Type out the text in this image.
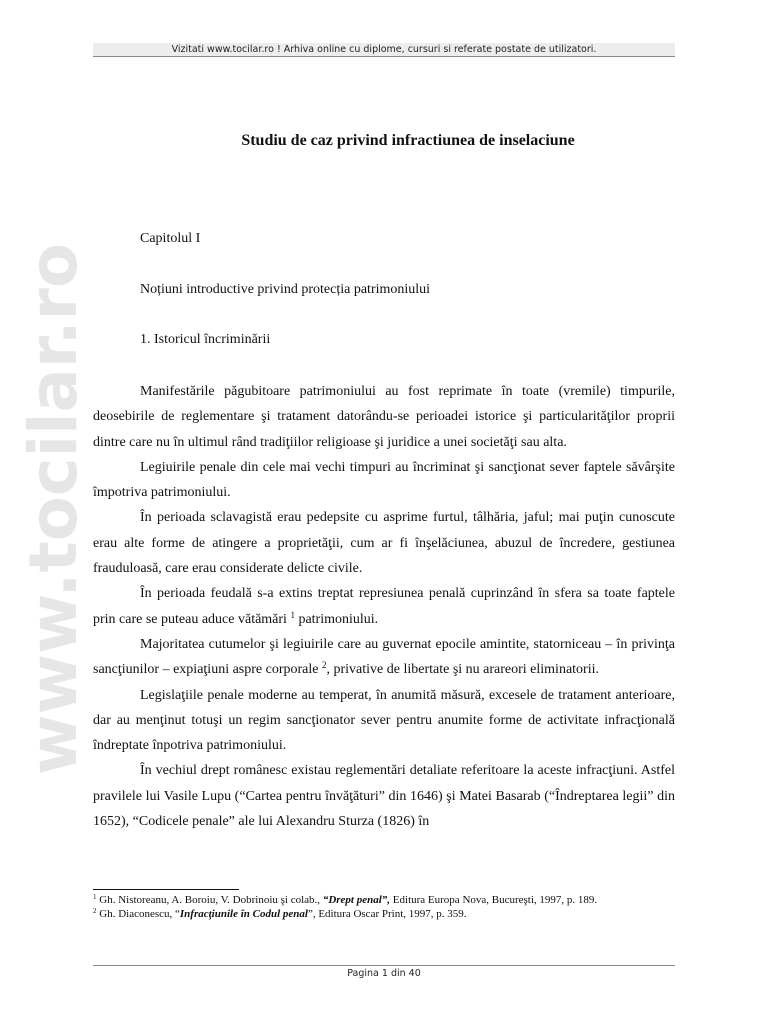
Vizitati www.tocilar.ro ! Arhiva online cu diplome, cursuri si referate postate de utilizatori.
www.tocilar.ro
Studiu de caz privind infractiunea de inselaciune

Capitolul I

Noțiuni introductive privind protecția patrimoniului

1. Istoricul încriminării

Manifestările păgubitoare patrimoniului au fost reprimate în toate (vremile) timpurile, deosebirile de reglementare şi tratament datorându-se perioadei istorice şi particularităţilor proprii dintre care nu în ultimul rând tradiţiilor religioase şi juridice a unei societăţi sau alta.

Legiuirile penale din cele mai vechi timpuri au încriminat şi sancţionat sever faptele săvârşite împotriva patrimoniului.

În perioada sclavagistă erau pedepsite cu asprime furtul, tâlhăria, jaful; mai puţin cunoscute erau alte forme de atingere a proprietăţii, cum ar fi înşelăciunea, abuzul de încredere, gestiunea frauduloasă, care erau considerate delicte civile.

În perioada feudală s-a extins treptat represiunea penală cuprinzând în sfera sa toate faptele prin care se puteau aduce vătămări $^1$ patrimoniului.

Majoritatea cutumelor şi legiuirile care au guvernat epocile amintite, statorniceau – în privinţa sancţiunilor – expiaţiuni aspre corporale $^2$, privative de libertate şi nu arareori eliminatorii.

Legislaţiile penale moderne au temperat, în anumită măsură, excesele de tratament anterioare, dar au menţinut totuşi un regim sancţionator sever pentru anumite forme de activitate infracţională îndreptate înpotriva patrimoniului.

În vechiul drept românesc existau reglementări detaliate referitoare la aceste infracţiuni. Astfel pravilele lui Vasile Lupu (“Cartea pentru învăţături” din 1646) şi Matei Basarab (“Îndreptarea legii” din 1652), “Codicele penale” ale lui Alexandru Sturza (1826) în

$^1$ Gh. Nistoreanu, A. Boroiu, V. Dobrinoiu şi colab., “Drept penal”, Editura Europa Nova, Bucureşti, 1997, p. 189.

$^2$ Gh. Diaconescu, “Infracţiunile în Codul penal”, Editura Oscar Print, 1997, p. 359.

Pagina 1 din 40
